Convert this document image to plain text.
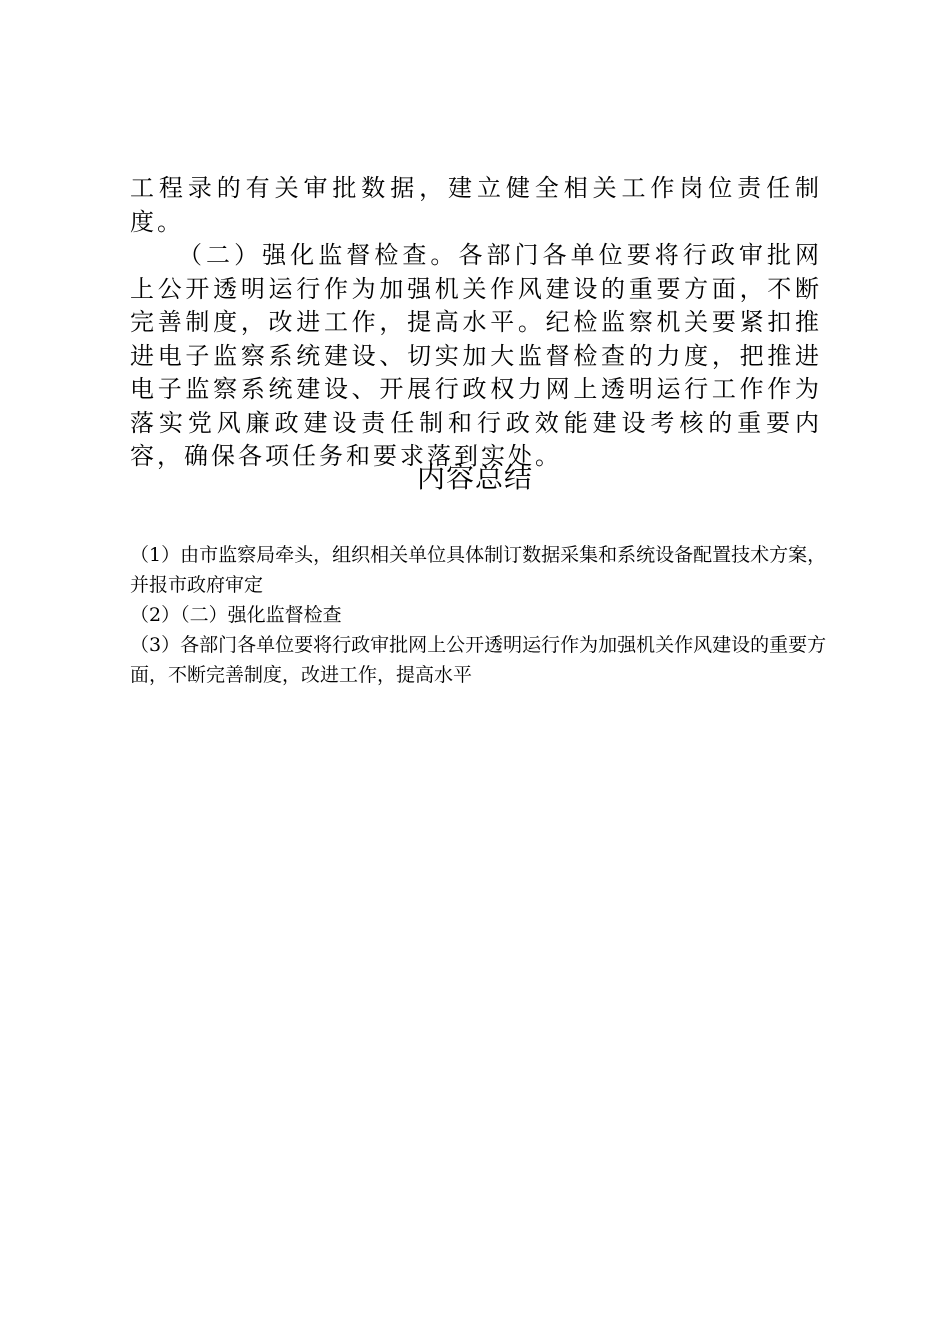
工程录的有关审批数据，建立健全相关工作岗位责任制度。

（二）强化监督检查。各部门各单位要将行政审批网上公开透明运行作为加强机关作风建设的重要方面，不断完善制度，改进工作，提高水平。纪检监察机关要紧扣推进电子监察系统建设、切实加大监督检查的力度，把推进电子监察系统建设、开展行政权力网上透明运行工作作为落实党风廉政建设责任制和行政效能建设考核的重要内容，确保各项任务和要求落到实处。

内容总结

（1）由市监察局牵头，组织相关单位具体制订数据采集和系统设备配置技术方案，并报市政府审定

（2）（二）强化监督检查

（3）各部门各单位要将行政审批网上公开透明运行作为加强机关作风建设的重要方面，不断完善制度，改进工作，提高水平
